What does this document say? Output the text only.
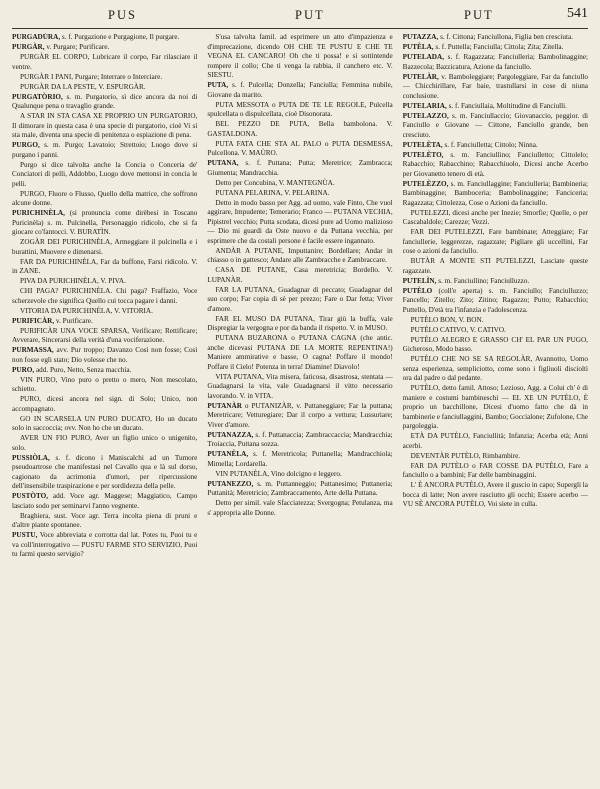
PUS	PUT	PUT	541

PURGADÙRA, s. f. Purgazione e Purgagione, Il purgare.

PURGÀR, v. Purgare; Purificare.

PURGÀR EL CORPO, Lubricare il corpo, Far rilasciare il ventre.

PURGÀR I PANI, Purgare; Interrare o Interciare.

PURGÀR DA LA PESTE, V. ESPURGÀR.

PURGATÒRIO, s. m. Purgatorio, sì dice ancora da noi di Qualunque pena o travaglio grande.

A STAR IN STA CASA XE PROPRIO UN PURGATORIO, Il dimorare in questa casa è una specie di purgatorio, cioè Vi si sta male, diventa una specie di penitenza o espiazione di pena.

PURGO, s. m. Purgo; Lavatoio; Strettoio; Luogo dove si purgano i panni.

Purgo si dice talvolta anche la Concia o Conceria de' Conciatori di pelli, Addobbo, Luogo dove mettonsi in concia le pelli.

PURGO, Fluore o Flusso, Quello della matrice, che soffrono alcune donne.

PURICHINÈLA, (si pronuncia come dirèbesi in Toscano Puricinèla) s. m. Pulcinella, Personaggio ridicolo, che si fa giocare co'fantocci. V. BURATÌN.

ZOGÀR DEI PURICHINÈLA, Armeggiare il pulcinella e i burattini, Muovere e dimenarsi.

FAR DA PURICHINÈLA, Far da buffone, Farsi ridicolo. V. in ZANE.

PIVA DA PURICHINÈLA, V. PIVA.

CHI PAGA? PURICHINÈLA. Chi paga? Fraffazio, Voce scherzevole che significa Quello cui tocca pagare i danni.

VITORIA DA PURICHINÈLA, V. VITORIA.

PURIFICÀR, v. Purificare.

PURIFICÀR UNA VOCE SPARSA, Verificare; Rettificare; Avverare, Sincerarsi della verità d'una vociferazione.

PURMASSA, avv. Pur troppo; Davanzo Così non fosse; Così non fosse egli stato; Dio volesse che no.

PURO, add. Puro, Netto, Senza macchia.

VIN PURO, Vino puro o pretto o mero, Non mescolato, schietto.

PURO, dicesi ancora nel sign. di Solo; Unico, non accompagnato.

GO IN SCARSELA UN PURO DUCATO, Ho un ducato solo in saccoccia; ovv. Non ho che un ducato.

AVER UN FIO PURO, Aver un figlio unico o unigenito, solo.

PUSSIÒLA, s. f. dicono i Maniscalchi ad un Tumore pseudoartrose che manifestasi nel Cavallo qua e là sul dorso, cagionato da acrimonia d'umori, per ripercussione dell'insensibile traspirazione e per sordidezza della pelle.

PUSTÒTO, add. Voce agr. Maggese; Maggiatico, Campo lasciato sodo per seminarvi l'anno vegnente.

Braghiera, sust. Voce agr. Terra incolta piena di pruni e d'altre piante spontanee.

PUSTU, Voce abbreviata e corrotta dal lat. Potes tu, Puoi tu e va coll'interrogativo — PUSTU FARME STO SERVIZIO, Puoi tu farmi questo servigio?

S'usa talvolta famil. ad esprimere un atto d'impazienza e d'imprecazione, dicendo OH CHE TE PUSTU E CHE TE VEGNA EL CANCARO! Oh che ti possa! e si sottintende rompere il collo; Che ti venga la rabbia, il canchero etc. V. SIESTU.

PUTA, s. f. Pulcella; Donzella; Fanciulla; Femmina nubile, Giovane da marito.

PUTA MESSOTA o PUTA DE TE LE REGOLE, Pulcella spulcellata o dispulcellata, cioè Disonorata.

BEL PEZZO DE PUTA, Bella bambolona. V. GASTALDONA.

PUTA FATA CHE STA AL PALO o PUTA DESMESSA, Pulcellona. V. MAÙRO.

PUTANA, s. f. Puttana; Putta; Meretrice; Zambracca; Giumenta; Mandracchia.

Detto per Concubina, V. MANTEGNÙA.

PUTANA PELARINA, V. PELARINA.

Detto in modo basso per Agg. ad uomo, vale Finto, Che vuol aggirare, Impudente; Temerario; Franco — PUTANA VECHIA, Pipistrel vecchio; Putta scodata, dicesi pure ad Uomo malizioso — Dio mi guardi da Oste nuovo e da Puttana vecchia, per esprimere che da costali persone è facile essere ingannato.

ANDÀR A PUTANE, Imputtanire; Bordellare; Andar in chiasso o in gattesco; Andare alle Zambracche e Zambraccare.

CASA DE PUTANE, Casa meretricia; Bordello. V. LUPANÀR.

FAR LA PUTANA, Guadagnar di peccato; Guadagnar del suo corpo; Far copia di sè per prezzo; Fare o Dar fetta; Viver d'amore.

FAR EL MUSO DA PUTANA, Tirar giù la buffa, vale Dispregiar la vergogna e por da banda il rispetto. V. in MUSO.

PUTANA BUZARONA o PUTANA CAGNA (che antic. anche dicevasi PUTANA DE LA MORTE REPENTINA!) Maniere ammirative e basse, O cagna! Poffare il mondo! Poffare il Cielo! Potenza in terra! Diamine! Diavolo!

VITA PUTANA, Vita misera, faticosa, disastrosa, stentata — Guadagnarsi la vita, vale Guadagnarsi il vitto necessario lavorando. V. in VITA.

PUTANÀR o PUTANIZÀR, v. Puttaneggiare; Far la puttana; Meretricare; Vetturegiare; Dar il corpo a vettura; Lussuriare; Viver d'amore.

PUTANAZZA, s. f. Puttanaccia; Zambraccaccia; Mandracchia; Troiaccia, Puttana sozza.

PUTANÈLA, s. f. Meretricola; Puttanella; Mandracchiola; Mimella; Lordarella.

VIN PUTANÈLA, Vino dolcigno e leggero.

PUTANEZZO, s. m. Puttanneggio; Puttanesimo; Puttaneria; Puttanità; Meretricio; Zambraccamento, Arte della Puttana.

Detto per simil. vale Sfacciatezza; Svergogna; Petulanza, ma s' appropria alle Donne.

PUTAZZA, s. f. Cittona; Fanciullona, Figlia ben cresciuta.

PUTÈLA, s. f. Puttella; Fanciulla; Cittola; Zita; Zitella.

PUTELADA, s. f. Ragazzata; Fanciulleria; Bambolinaggine; Bazzecola; Bazzicatura, Azione da fanciullo.

PUTELÀR, v. Bamboleggiare; Pargoleggiare, Far da fanciullo — Chicchirillare, Far baie, trastullarsi in cose di niuna conclusione.

PUTELARIA, s. f. Fanciullaia, Moltitudine di Fanciulli.

PUTELAZZO, s. m. Fanciullaccio; Giovanaccio, peggior. di Fanciullo e Giovane — Cittone, Fanciullo grande, ben cresciuto.

PUTELÈTA, s. f. Fanciulletta; Cittolo; Ninna.

PUTELÈTO, s. m. Fanciullino; Fanciulletto; Cittolelo; Rabacchio; Rabacchino; Rabacchiuolo, Dicesi anche Acerbo per Giovanetto tenero di età.

PUTELÈZZO, s. m. Fanciullaggine; Fanciulleria; Bambineria; Bambinaggine; Bamboceria; Bambolinaggine; Fanciceria; Ragazzata; Cittolezza, Cose o Azioni da fanciullo.

PUTELEZZI, dicesi anche per Inezie; Smorfie; Quelle, o per Cascabaldole; Carezze; Vezzi.

FAR DEI PUTELEZZI, Fare bambinate; Atteggiare; Far fanciullerie, leggerezze, ragazzate; Pigliare gli uccellini, Far cose o azioni da fanciullo.

BUTÀR A MONTE STI PUTELEZZI, Lasciate queste ragazzate.

PUTELÌN, s. m. Fanciullino; Fanciulluzzo.

PUTÈLO (coll'e aperta) s. m. Fanciullo; Fanciulluzzo; Fancello; Zitello; Zito; Zitino; Ragazzo; Putto; Rabacchio; Puttello, D'età tra l'infanzia e l'adolescenza.

PUTÈLO BON, V. BON.

PUTÈLO CATIVO, V. CATIVO.

PUTÈLO ALEGRO E GRASSO CH' EL PAR UN PUGO, Gicheroso, Modo basso.

PUTÈLO CHE NO SE SA REGOLÀR, Avannotto, Uomo senza esperienza, sempliciotto, come sono i figliuoli discioltì ora dal padre o dal pedante.

PUTÈLO, detto famil. Attoso; Lezioso, Agg. a Colui ch' è di maniere e costumi bambineschi — EL XE UN PUTÈLO, È proprio un bacchillone, Dicesi d'uomo fatto che dà in bambinerie e fanciullaggini, Bambo; Goccialone; Zufolone, Che pargoleggia.

ETÀ DA PUTÈLO, Fanciullità; Infanzia; Acerba età; Anni acerbi.

DEVENTÀR PUTÈLO, Rimbambire.

FAR DA PUTÈLO o FAR COSSE DA PUTÈLO, Fare a fanciullo o a bambini; Far delle bambinaggini.

L' È ANCORA PUTÈLO, Avere il guscio in capo; Supergli la bocca di latte; Non avere rasciutto gli occhi; Essere acerbo — VU SÈ ANCORA PUTÈLO, Voi siete in culla.
